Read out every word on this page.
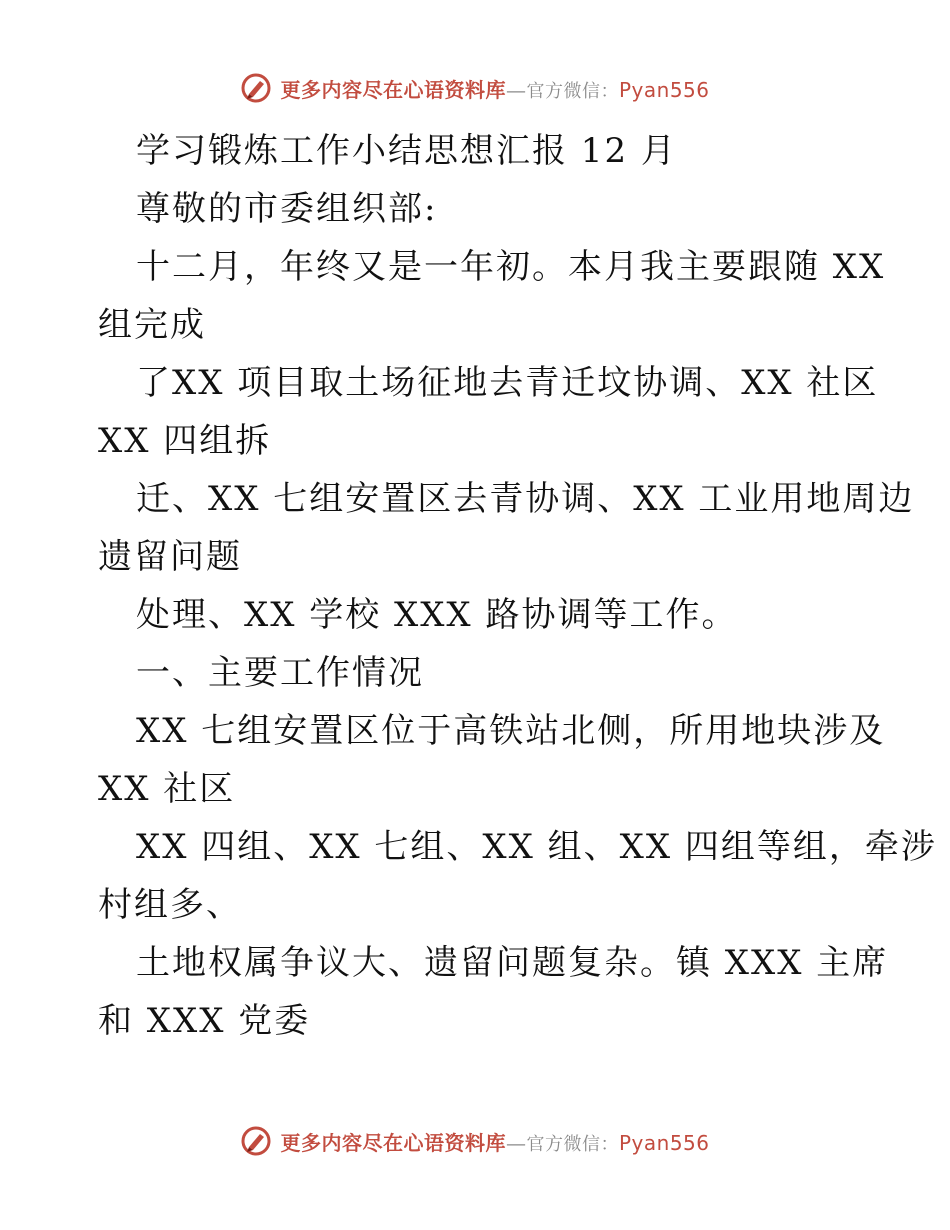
更多内容尽在心语资料库—官方微信：Pyan556
学习锻炼工作小结思想汇报 12 月
尊敬的市委组织部:
十二月，年终又是一年初。本月我主要跟随 XX
组完成
了XX 项目取土场征地去青迁坟协调、XX 社区
XX 四组拆
迁、XX 七组安置区去青协调、XX 工业用地周边
遗留问题
处理、XX 学校 XXX 路协调等工作。
一、主要工作情况
XX 七组安置区位于高铁站北侧，所用地块涉及
XX 社区
XX 四组、XX 七组、XX 组、XX 四组等组，牵涉
村组多、
土地权属争议大、遗留问题复杂。镇 XXX 主席
和 XXX 党委
更多内容尽在心语资料库—官方微信：Pyan556
